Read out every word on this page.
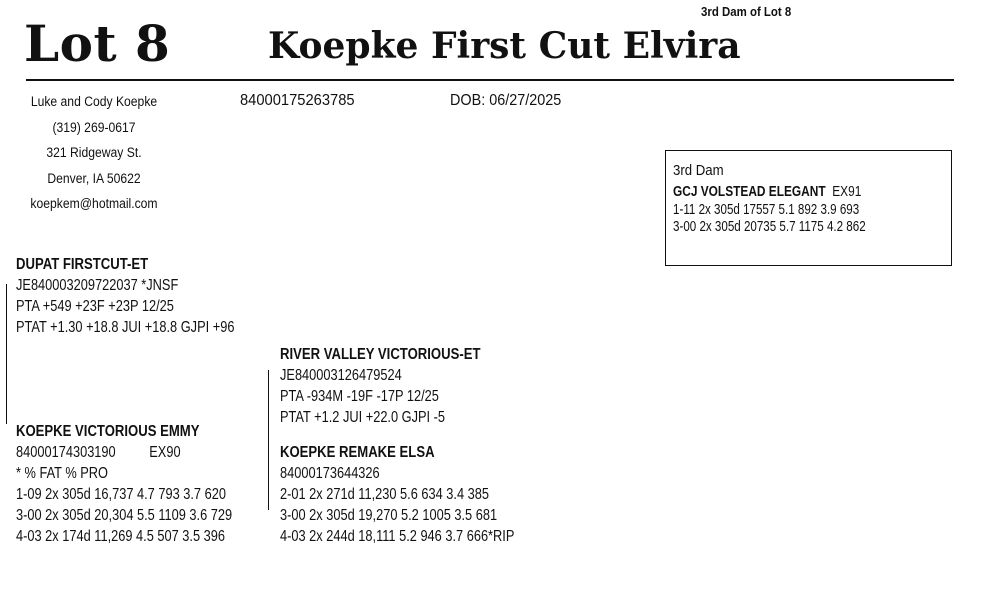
Lot 8	Koepke First Cut Elvira
3rd Dam of Lot 8
Luke and Cody Koepke
(319) 269-0617
321 Ridgeway St.
Denver, IA 50622
koepkem@hotmail.com
84000175263785	DOB: 06/27/2025
3rd Dam
GCJ VOLSTEAD ELEGANT EX91
1-11 2x 305d 17557 5.1 892 3.9 693
3-00 2x 305d 20735 5.7 1175 4.2 862
DUPAT FIRSTCUT-ET
JE840003209722037 *JNSF
PTA +549 +23F +23P 12/25
PTAT +1.30 +18.8 JUI +18.8 GJPI +96
RIVER VALLEY VICTORIOUS-ET
JE840003126479524
PTA -934M -19F -17P 12/25
PTAT +1.2 JUI +22.0 GJPI -5
KOEPKE VICTORIOUS EMMY
84000174303190 EX90
* % FAT % PRO
1-09 2x 305d 16,737 4.7 793 3.7 620
3-00 2x 305d 20,304 5.5 1109 3.6 729
4-03 2x 174d 11,269 4.5 507 3.5 396
KOEPKE REMAKE ELSA
84000173644326
2-01 2x 271d 11,230 5.6 634 3.4 385
3-00 2x 305d 19,270 5.2 1005 3.5 681
4-03 2x 244d 18,111 5.2 946 3.7 666*RIP
